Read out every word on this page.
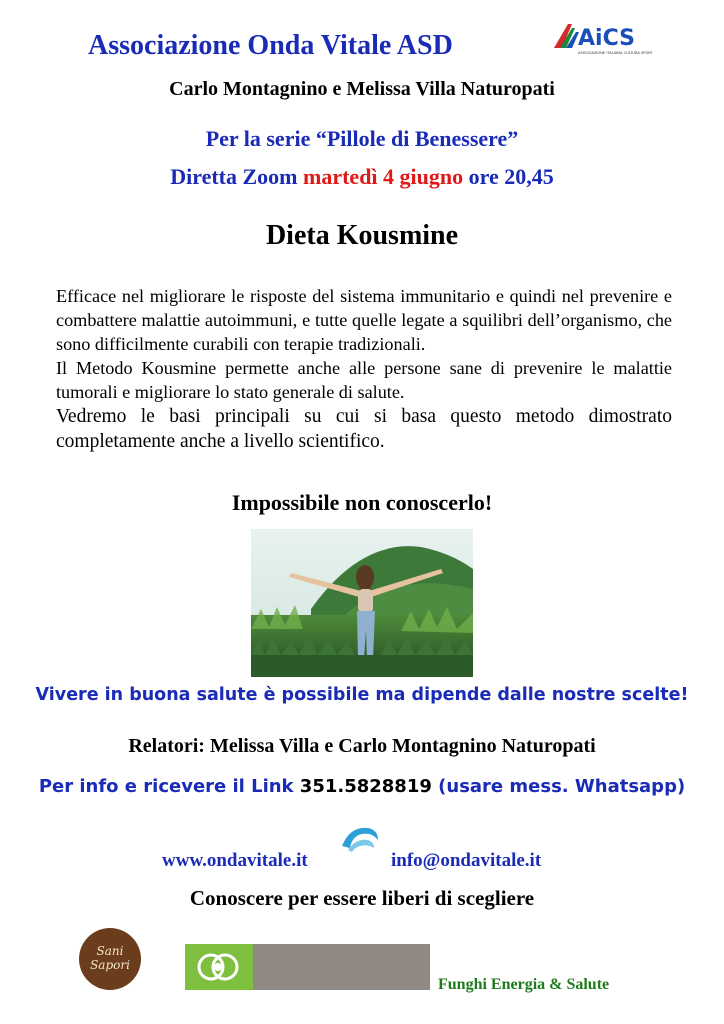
Associazione Onda Vitale ASD	AiCS
ASSOCIAZIONE ITALIANA CULTURA SPORT
Carlo Montagnino e Melissa Villa Naturopati
Per la serie “Pillole di Benessere”
Diretta Zoom martedì 4 giugno ore 20,45
Dieta Kousmine

Efficace nel migliorare le risposte del sistema immunitario e quindi nel prevenire e combattere malattie autoimmuni, e tutte quelle legate a squilibri dell’organismo, che sono difficilmente curabili con terapie tradizionali.

Il Metodo Kousmine permette anche alle persone sane di prevenire le malattie tumorali e migliorare lo stato generale di salute.

Vedremo le basi principali su cui si basa questo metodo dimostrato completamente anche a livello scientifico.

Impossibile non conoscerlo!
Vivere in buona salute è possibile ma dipende dalle nostre scelte!
Relatori: Melissa Villa e Carlo Montagnino Naturopati
Per info e ricevere il Link 351.5828819 (usare mess. Whatsapp)
www.ondavitale.it	info@ondavitale.it
Conoscere per essere liberi di scegliere
Sani
Sapori
Funghi Energia & Salute
